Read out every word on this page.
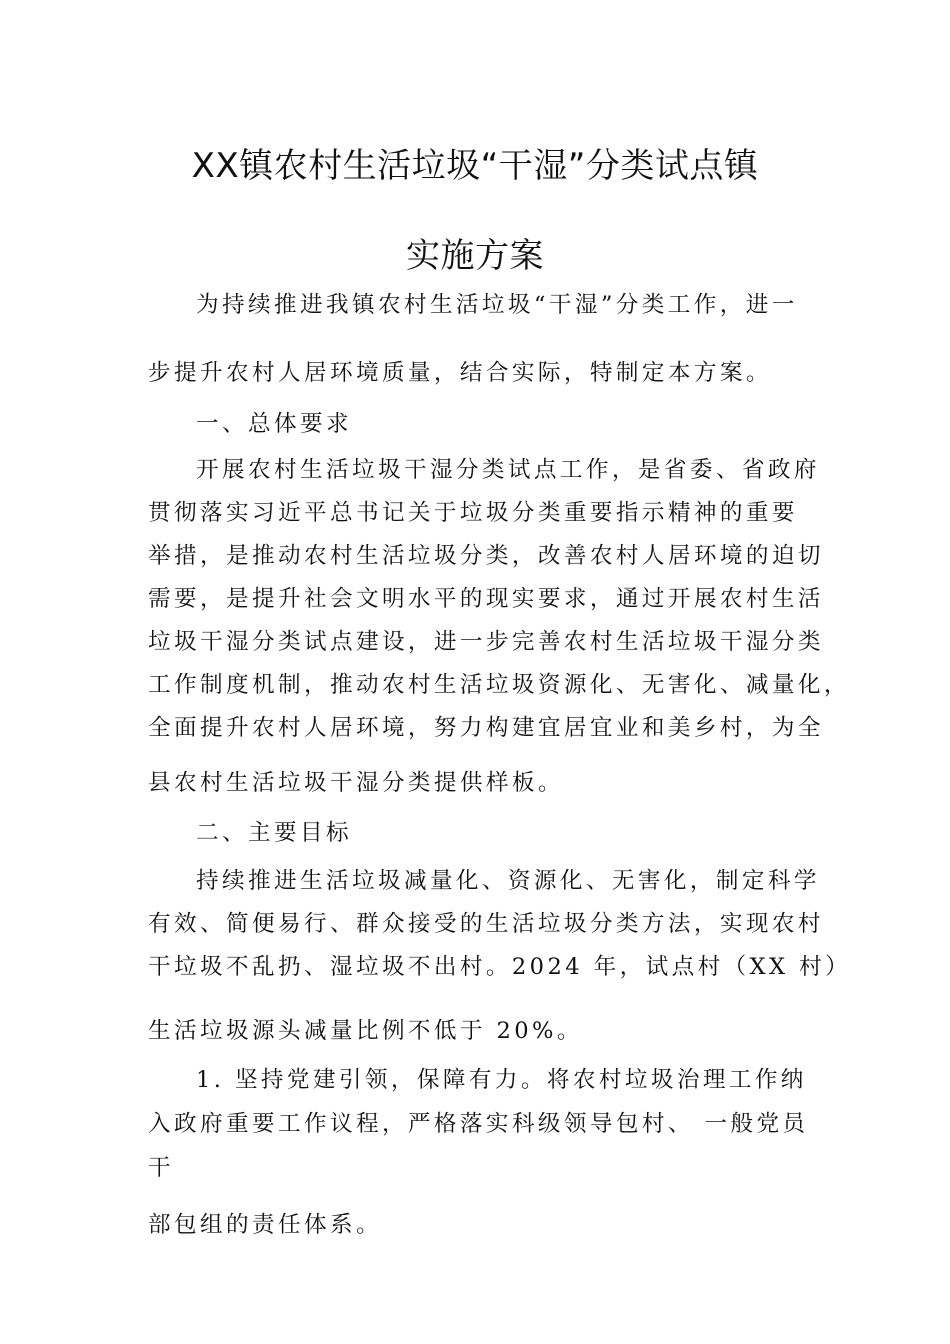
XX镇农村生活垃圾“干湿”分类试点镇
实施方案
为持续推进我镇农村生活垃圾“干湿”分类工作，进一
步提升农村人居环境质量，结合实际，特制定本方案。
一、总体要求
开展农村生活垃圾干湿分类试点工作，是省委、省政府
贯彻落实习近平总书记关于垃圾分类重要指示精神的重要
举措，是推动农村生活垃圾分类，改善农村人居环境的迫切
需要，是提升社会文明水平的现实要求，通过开展农村生活
垃圾干湿分类试点建设，进一步完善农村生活垃圾干湿分类
工作制度机制，推动农村生活垃圾资源化、无害化、减量化，
全面提升农村人居环境，努力构建宜居宜业和美乡村，为全
县农村生活垃圾干湿分类提供样板。
二、主要目标
持续推进生活垃圾减量化、资源化、无害化，制定科学
有效、简便易行、群众接受的生活垃圾分类方法，实现农村
干垃圾不乱扔、湿垃圾不出村。2024 年，试点村（XX 村）
生活垃圾源头减量比例不低于 20%。
1. 坚持党建引领，保障有力。将农村垃圾治理工作纳
入政府重要工作议程，严格落实科级领导包村、 一般党员
干
部包组的责任体系。
